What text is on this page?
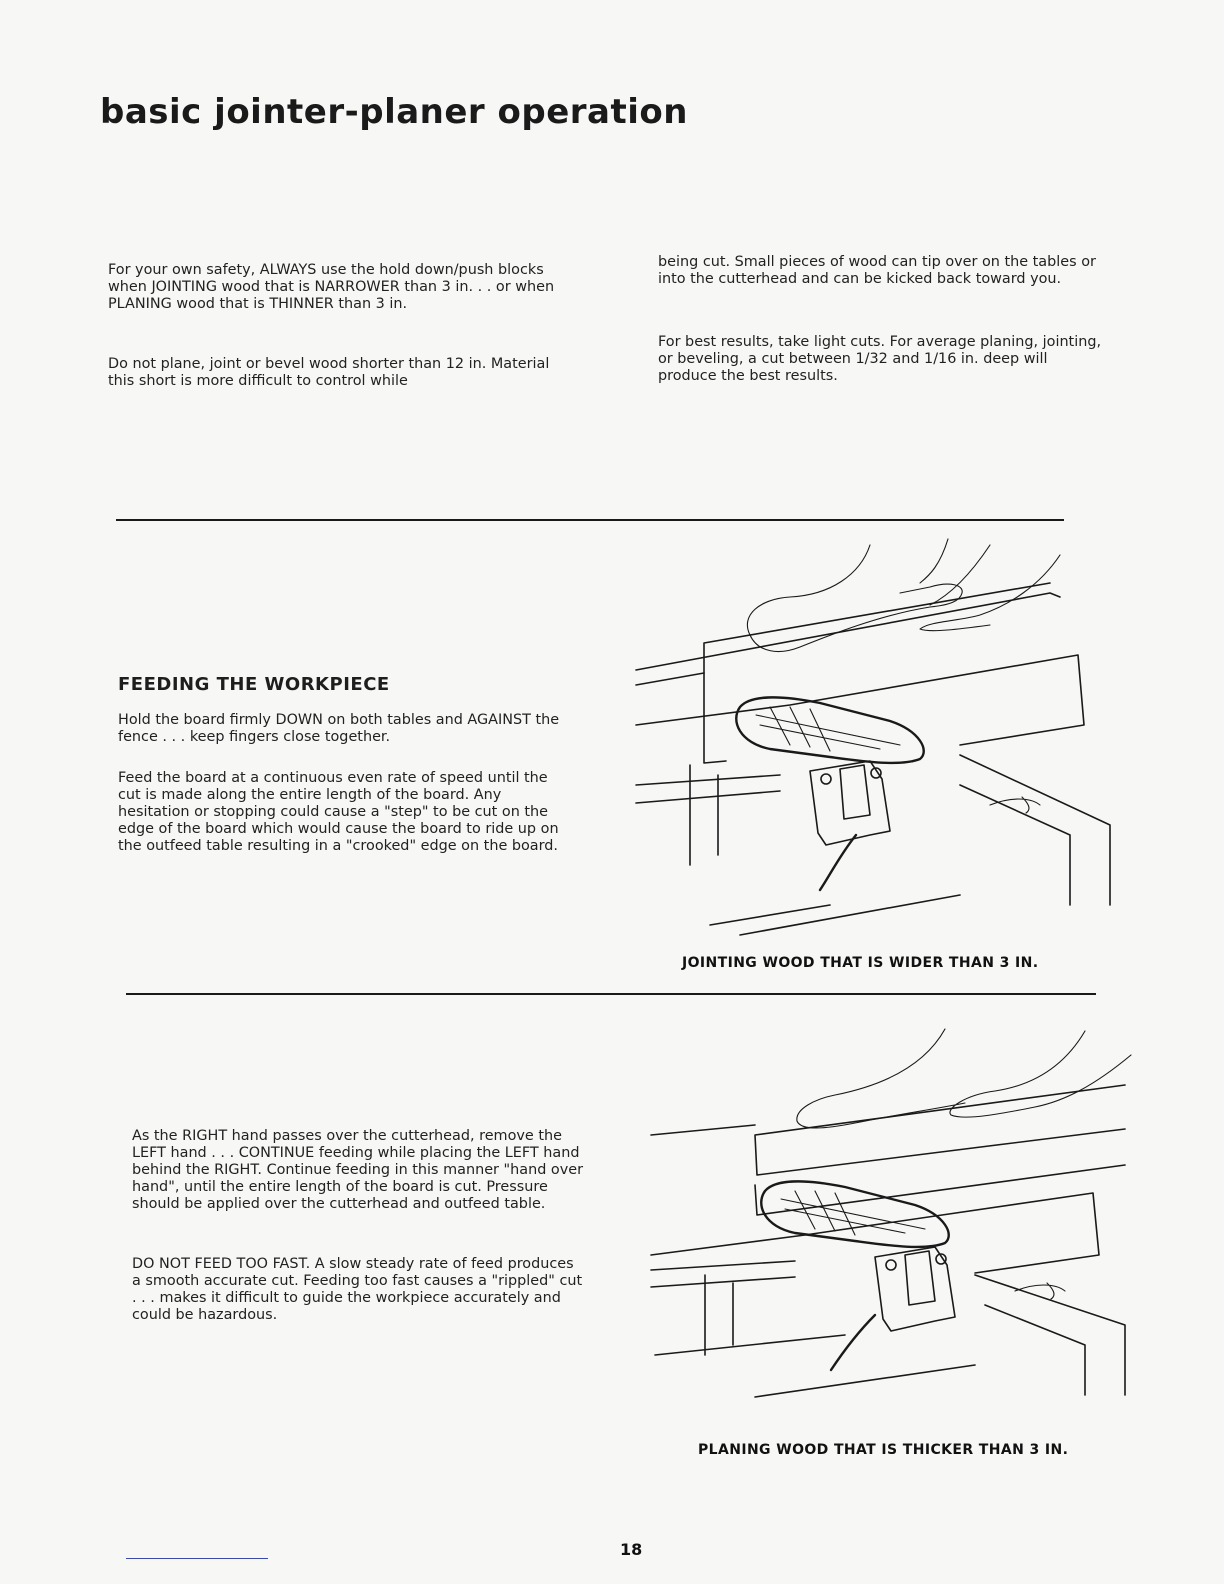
basic jointer-planer operation

For your own safety, ALWAYS use the hold down/push blocks when JOINTING wood that is NARROWER than 3 in. . . or when PLANING wood that is THINNER than 3 in.

Do not plane, joint or bevel wood shorter than 12 in. Material this short is more difficult to control while

being cut. Small pieces of wood can tip over on the tables or into the cutterhead and can be kicked back toward you.

For best results, take light cuts. For average planing, jointing, or beveling, a cut between 1/32 and 1/16 in. deep will produce the best results.

FEEDING THE WORKPIECE

Hold the board firmly DOWN on both tables and AGAINST the fence . . . keep fingers close together.

Feed the board at a continuous even rate of speed until the cut is made along the entire length of the board. Any hesitation or stopping could cause a "step" to be cut on the edge of the board which would cause the board to ride up on the outfeed table resulting in a "crooked" edge on the board.

JOINTING WOOD THAT IS WIDER THAN 3 IN.

As the RIGHT hand passes over the cutterhead, remove the LEFT hand . . . CONTINUE feeding while placing the LEFT hand behind the RIGHT. Continue feeding in this manner "hand over hand", until the entire length of the board is cut. Pressure should be applied over the cutterhead and outfeed table.

DO NOT FEED TOO FAST. A slow steady rate of feed produces a smooth accurate cut. Feeding too fast causes a "rippled" cut . . . makes it difficult to guide the workpiece accurately and could be hazardous.

PLANING WOOD THAT IS THICKER THAN 3 IN.

18
